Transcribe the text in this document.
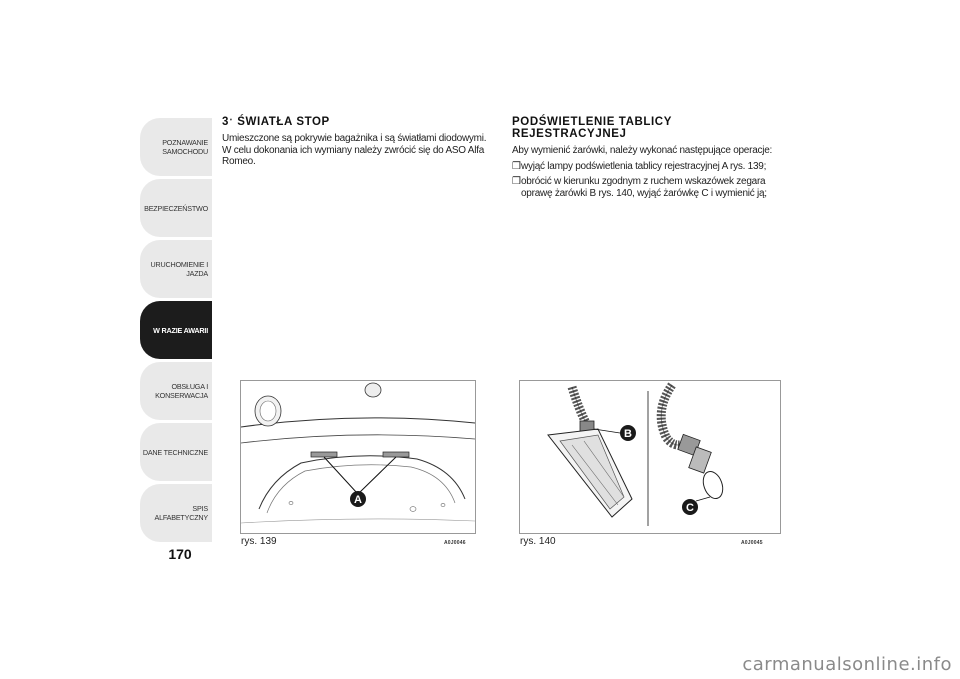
POZNAWANIE
SAMOCHODU
BEZPIECZEŃSTWO
URUCHOMIENIE I
JAZDA
W RAZIE AWARII
OBSŁUGA I
KONSERWACJA
DANE TECHNICZNE
SPIS ALFABETYCZNY
170
3ˑ ŚWIATŁA STOP
Umieszczone są pokrywie bagażnika i są światłami diodowymi. W celu dokonania ich wymiany należy zwrócić się do ASO Alfa Romeo.
PODŚWIETLENIE TABLICY
REJESTRACYJNEJ
Aby wymienić żarówki, należy wykonać następujące operacje:
❒ wyjąć lampy podświetlenia tablicy rejestracyjnej A rys. 139;
❒ obrócić w kierunku zgodnym z ruchem wskazówek zegara oprawę żarówki B rys. 140, wyjąć żarówkę C i wymienić ją;
A
rys. 139	A0J0046
B
C
rys. 140	A0J0045
carmanualsonline.info
